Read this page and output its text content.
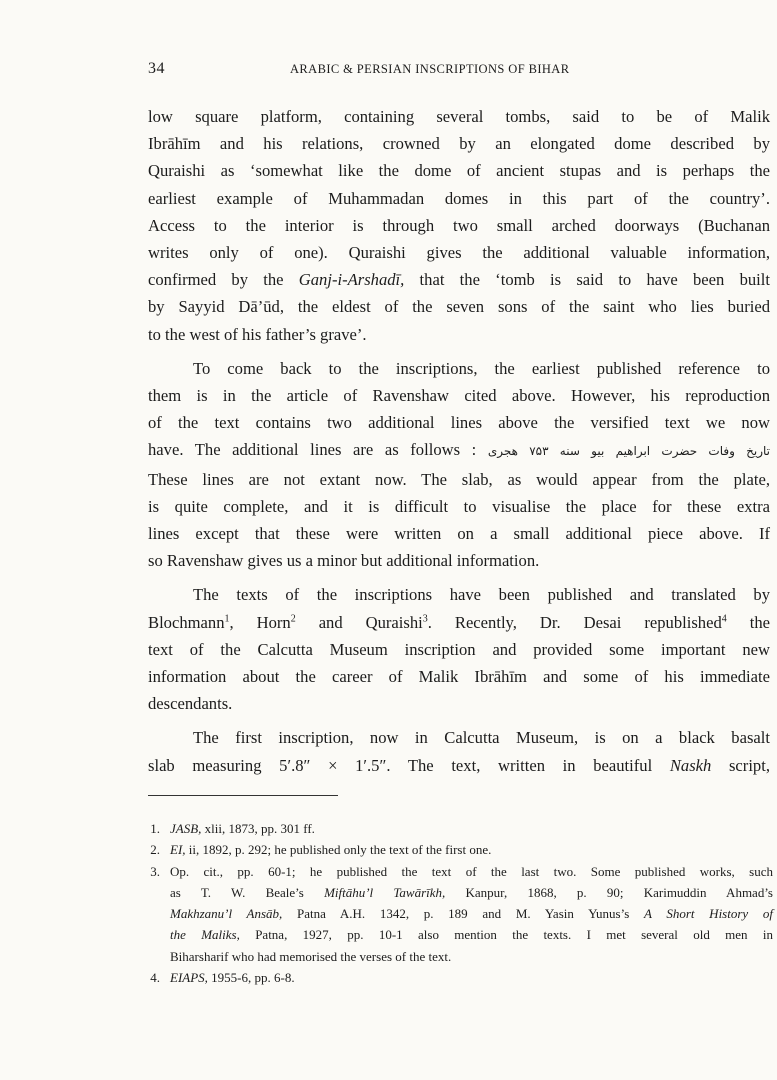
34	ARABIC & PERSIAN INSCRIPTIONS OF BIHAR

low square platform, containing several tombs, said to be of Malik
Ibrāhīm and his relations, crowned by an elongated dome described by
Quraishi as ‘somewhat like the dome of ancient stupas and is perhaps the
earliest example of Muhammadan domes in this part of the country’.
Access to the interior is through two small arched doorways (Buchanan
writes only of one). Quraishi gives the additional valuable information,
confirmed by the Ganj-i-Arshadī, that the ‘tomb is said to have been built
by Sayyid Dā’ūd, the eldest of the seven sons of the saint who lies buried
to the west of his father’s grave’.

To come back to the inscriptions, the earliest published reference to
them is in the article of Ravenshaw cited above. However, his reproduction
of the text contains two additional lines above the versified text we now
have. The additional lines are as follows : تاریخ وفات حضرت ابراهیم بیو سنه ۷۵۳ هجری
These lines are not extant now. The slab, as would appear from the plate,
is quite complete, and it is difficult to visualise the place for these extra
lines except that these were written on a small additional piece above. If
so Ravenshaw gives us a minor but additional information.

The texts of the inscriptions have been published and translated by
Blochmann$^1$, Horn$^2$ and Quraishi$^3$. Recently, Dr. Desai republished$^4$ the
text of the Calcutta Museum inscription and provided some important new
information about the career of Malik Ibrāhīm and some of his immediate
descendants.

The first inscription, now in Calcutta Museum, is on a black basalt
slab measuring 5′.8″ × 1′.5″. The text, written in beautiful Naskh script,

1. JASB, xlii, 1873, pp. 301 ff.
2. EI, ii, 1892, p. 292; he published only the text of the first one.
3. Op. cit., pp. 60-1; he published the text of the last two. Some published works, such
as T. W. Beale’s Miftāhu’l Tawārīkh, Kanpur, 1868, p. 90; Karimuddin Ahmad’s
Makhzanu’l Ansāb, Patna A.H. 1342, p. 189 and M. Yasin Yunus’s A Short History of
the Maliks, Patna, 1927, pp. 10-1 also mention the texts. I met several old men in
Biharsharif who had memorised the verses of the text.
4. EIAPS, 1955-6, pp. 6-8.
